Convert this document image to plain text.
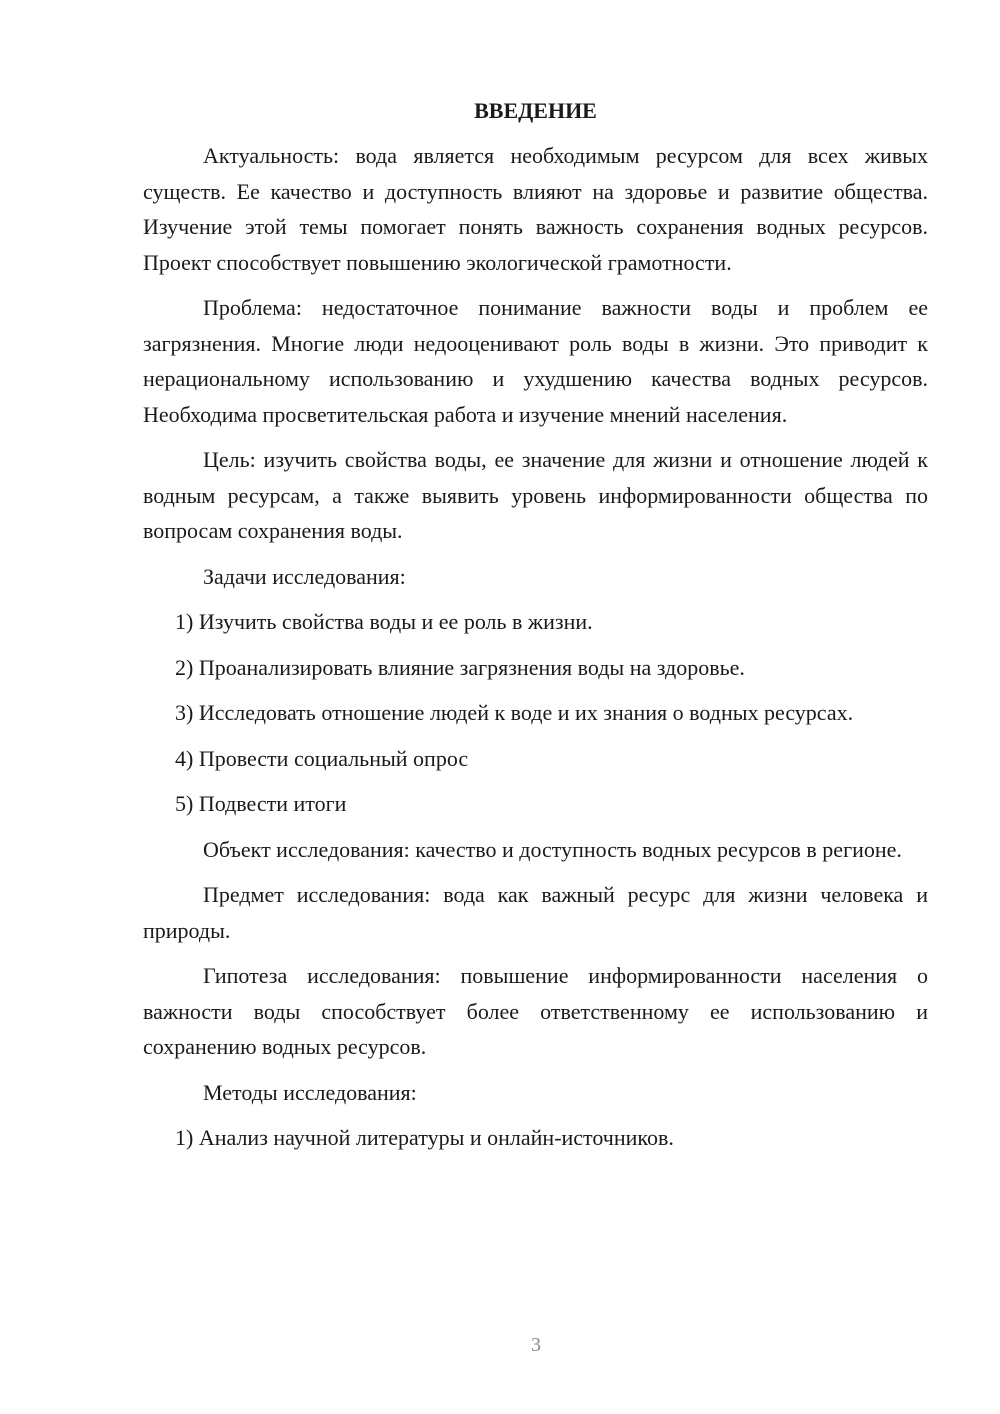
ВВЕДЕНИЕ

Актуальность: вода является необходимым ресурсом для всех живых существ. Ее качество и доступность влияют на здоровье и развитие общества. Изучение этой темы помогает понять важность сохранения водных ресурсов. Проект способствует повышению экологической грамотности.

Проблема: недостаточное понимание важности воды и проблем ее загрязнения. Многие люди недооценивают роль воды в жизни. Это приводит к нерациональному использованию и ухудшению качества водных ресурсов. Необходима просветительская работа и изучение мнений населения.

Цель: изучить свойства воды, ее значение для жизни и отношение людей к водным ресурсам, а также выявить уровень информированности общества по вопросам сохранения воды.

Задачи исследования:

1) Изучить свойства воды и ее роль в жизни.

2) Проанализировать влияние загрязнения воды на здоровье.

3) Исследовать отношение людей к воде и их знания о водных ресурсах.

4) Провести социальный опрос

5) Подвести итоги

Объект исследования: качество и доступность водных ресурсов в регионе.

Предмет исследования: вода как важный ресурс для жизни человека и природы.

Гипотеза исследования: повышение информированности населения о важности воды способствует более ответственному ее использованию и сохранению водных ресурсов.

Методы исследования:

1) Анализ научной литературы и онлайн-источников.

3
